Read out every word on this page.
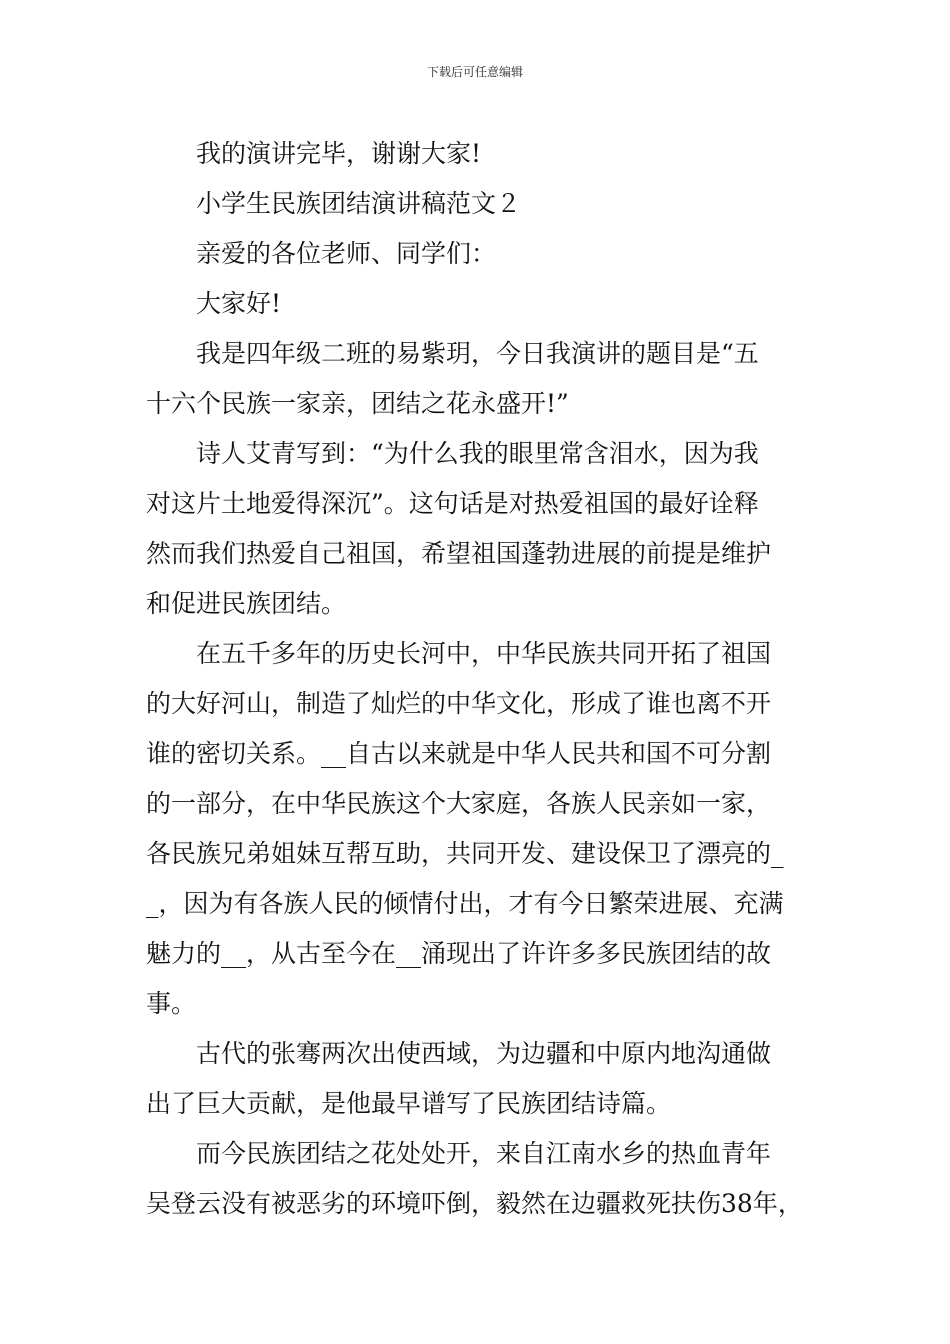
下载后可任意编辑

我的演讲完毕，谢谢大家!

小学生民族团结演讲稿范文２

亲爱的各位老师、同学们：

大家好!

我是四年级二班的易紫玥，今日我演讲的题目是“五

十六个民族一家亲，团结之花永盛开!”

诗人艾青写到：“为什么我的眼里常含泪水，因为我

对这片土地爱得深沉”。这句话是对热爱祖国的最好诠释

然而我们热爱自己祖国，希望祖国蓬勃进展的前提是维护

和促进民族团结。

在五千多年的历史长河中，中华民族共同开拓了祖国

的大好河山，制造了灿烂的中华文化，形成了谁也离不开

谁的密切关系。__自古以来就是中华人民共和国不可分割

的一部分，在中华民族这个大家庭，各族人民亲如一家，

各民族兄弟姐妹互帮互助，共同开发、建设保卫了漂亮的_

_，因为有各族人民的倾情付出，才有今日繁荣进展、充满

魅力的__，从古至今在__涌现出了许许多多民族团结的故

事。

古代的张骞两次出使西域，为边疆和中原内地沟通做

出了巨大贡献，是他最早谱写了民族团结诗篇。

而今民族团结之花处处开，来自江南水乡的热血青年

吴登云没有被恶劣的环境吓倒，毅然在边疆救死扶伤38年，
